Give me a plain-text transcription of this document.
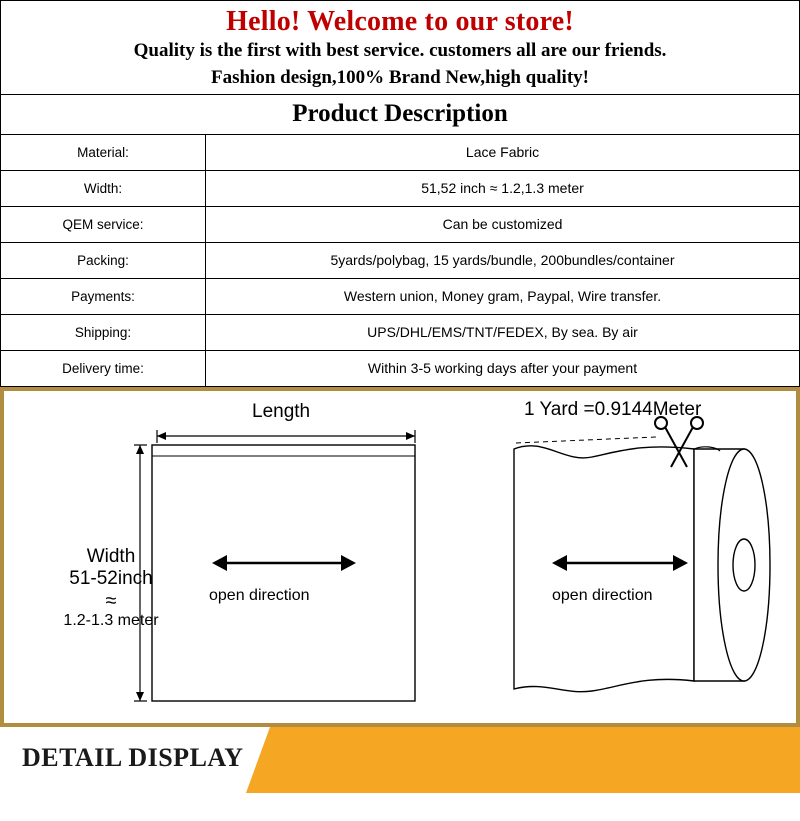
Hello! Welcome to our store!
Quality is the first with best service. customers all are our friends.
Fashion design,100% Brand New,high quality!
Product Description
Material:	Lace Fabric
Width:	51,52 inch ≈ 1.2,1.3 meter
QEM service:	Can be customized
Packing:	5yards/polybag, 15 yards/bundle, 200bundles/container
Payments:	Western union, Money gram, Paypal, Wire transfer.
Shipping:	UPS/DHL/EMS/TNT/FEDEX, By sea. By air
Delivery time:	Within 3-5 working days after your payment
Length	1 Yard =0.9144Meter
Width
51-52inch
≈
1.2-1.3 meter
open direction	open direction
DETAIL DISPLAY
